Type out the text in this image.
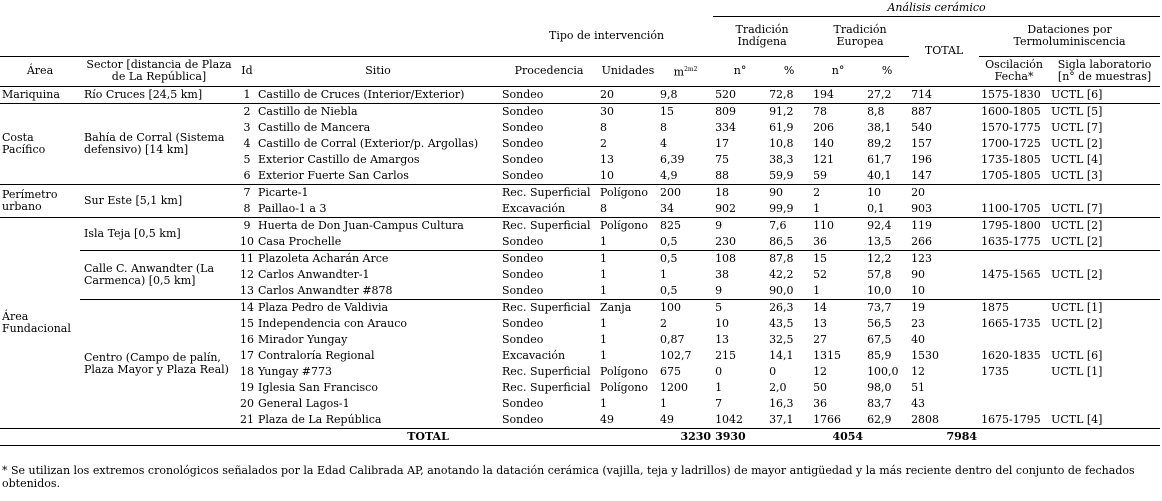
							Análisis cerámico						
				Tipo de intervención			Tradición Indígena		Tradición Europea		TOTAL	Dataciones por Termoluminiscencia	
Área	Sector [distancia de Plaza de La República]	Id	Sitio	Procedencia	Unidades	$m^{2m2}$	n°	%	n°	%		Oscilación Fecha*	Sigla laboratorio [n° de muestras]
Mariquina	Río Cruces [24,5 km]	1	Castillo de Cruces (Interior/Exterior)	Sondeo	20	9,8	520	72,8	194	27,2	714	1575-1830	UCTL [6]
Costa Pacífico	Bahía de Corral (Sistema defensivo) [14 km]	2	Castillo de Niebla	Sondeo	30	15	809	91,2	78	8,8	887	1600-1805	UCTL [5]
		3	Castillo de Mancera	Sondeo	8	8	334	61,9	206	38,1	540	1570-1775	UCTL [7]
		4	Castillo de Corral (Exterior/p. Argollas)	Sondeo	2	4	17	10,8	140	89,2	157	1700-1725	UCTL [2]
		5	Exterior Castillo de Amargos	Sondeo	13	6,39	75	38,3	121	61,7	196	1735-1805	UCTL [4]
		6	Exterior Fuerte San Carlos	Sondeo	10	4,9	88	59,9	59	40,1	147	1705-1805	UCTL [3]
Perímetro urbano	Sur Este [5,1 km]	7	Picarte-1	Rec. Superficial	Polígono	200	18	90	2	10	20		
		8	Paillao-1 a 3	Excavación	8	34	902	99,9	1	0,1	903	1100-1705	UCTL [7]
Área Fundacional	Isla Teja [0,5 km]	9	Huerta de Don Juan-Campus Cultura	Rec. Superficial	Polígono	825	9	7,6	110	92,4	119	1795-1800	UCTL [2]
		10	Casa Prochelle	Sondeo	1	0,5	230	86,5	36	13,5	266	1635-1775	UCTL [2]
	Calle C. Anwandter (La Carmenca) [0,5 km]	11	Plazoleta Acharán Arce	Sondeo	1	0,5	108	87,8	15	12,2	123		
		12	Carlos Anwandter-1	Sondeo	1	1	38	42,2	52	57,8	90	1475-1565	UCTL [2]
		13	Carlos Anwandter #878	Sondeo	1	0,5	9	90,0	1	10,0	10		
	Centro (Campo de palín, Plaza Mayor y Plaza Real)	14	Plaza Pedro de Valdivia	Rec. Superficial	Zanja	100	5	26,3	14	73,7	19	1875	UCTL [1]
		15	Independencia con Arauco	Sondeo	1	2	10	43,5	13	56,5	23	1665-1735	UCTL [2]
		16	Mirador Yungay	Sondeo	1	0,87	13	32,5	27	67,5	40		
		17	Contraloría Regional	Excavación	1	102,7	215	14,1	1315	85,9	1530	1620-1835	UCTL [6]
		18	Yungay #773	Rec. Superficial	Polígono	675	0	0	12	100,0	12	1735	UCTL [1]
		19	Iglesia San Francisco	Rec. Superficial	Polígono	1200	1	2,0	50	98,0	51		
		20	General Lagos-1	Sondeo	1	1	7	16,3	36	83,7	43		
		21	Plaza de La República	Sondeo	49	49	1042	37,1	1766	62,9	2808	1675-1795	UCTL [4]
		TOTAL				3230	3930		4054		7984		
* Se utilizan los extremos cronológicos señalados por la Edad Calibrada AP, anotando la datación cerámica (vajilla, teja y ladrillos) de mayor antigüedad y la más reciente dentro del conjunto de fechados obtenidos.
